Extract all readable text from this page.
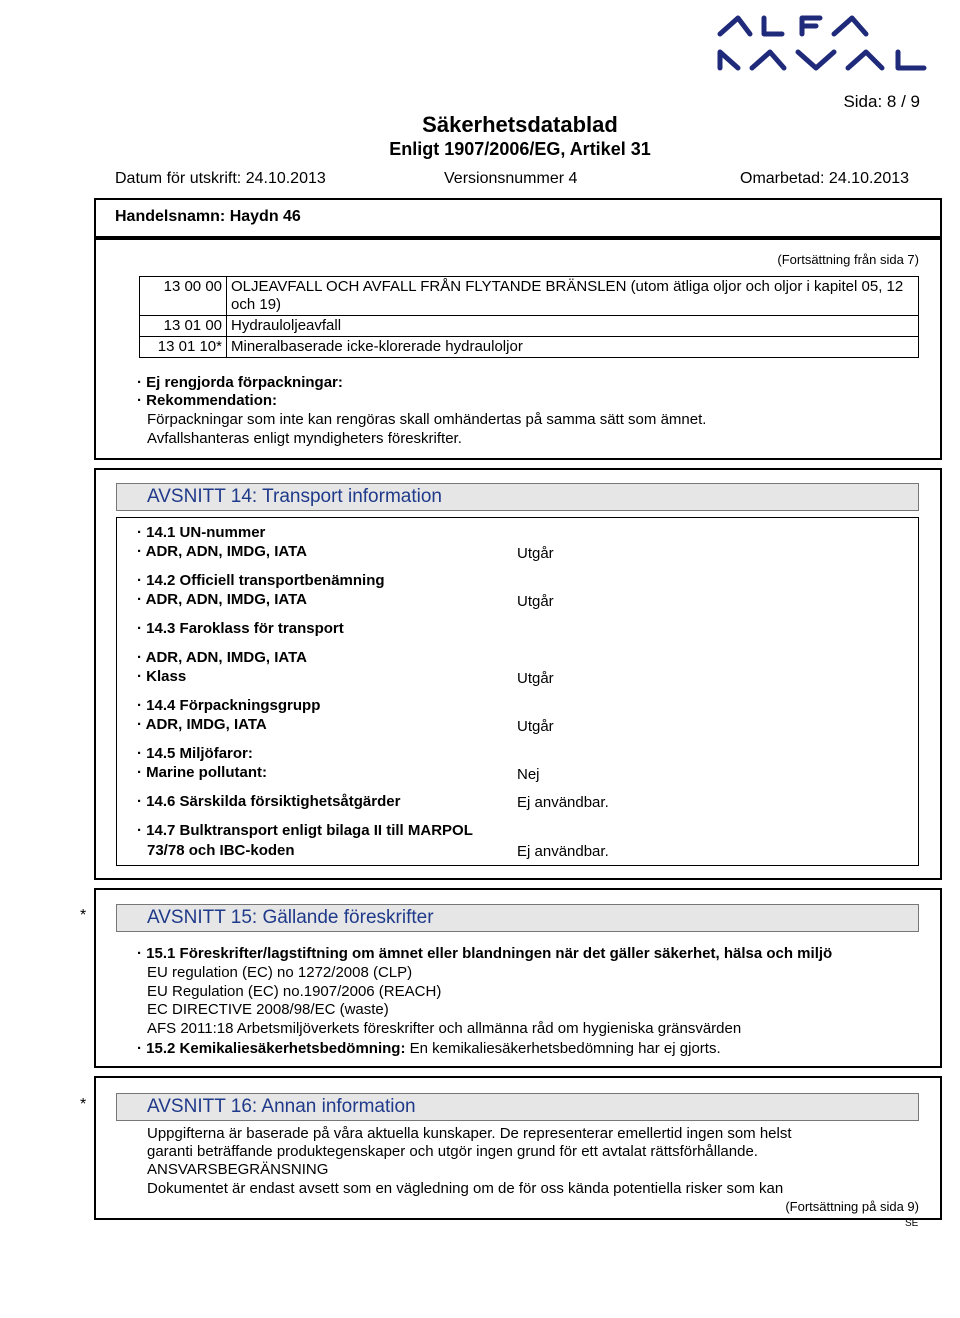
Sida: 8 / 9
Säkerhetsdatablad
Enligt 1907/2006/EG, Artikel 31
Datum för utskrift: 24.10.2013	Versionsnummer 4	Omarbetad: 24.10.2013
Handelsnamn: Haydn 46
(Fortsättning från sida 7)
13 00 00	OLJEAVFALL OCH AVFALL FRÅN FLYTANDE BRÄNSLEN (utom ätliga oljor och oljor i kapitel 05, 12 och 19)
13 01 00	Hydrauloljeavfall
13 01 10*	Mineralbaserade icke-klorerade hydrauloljor
· Ej rengjorda förpackningar:
· Rekommendation:
Förpackningar som inte kan rengöras skall omhändertas på samma sätt som ämnet.
Avfallshanteras enligt myndigheters föreskrifter.
AVSNITT 14: Transport information
· 14.1 UN-nummer
· ADR, ADN, IMDG, IATA	Utgår
· 14.2 Officiell transportbenämning
· ADR, ADN, IMDG, IATA	Utgår
· 14.3 Faroklass för transport
· ADR, ADN, IMDG, IATA
· Klass	Utgår
· 14.4 Förpackningsgrupp
· ADR, IMDG, IATA	Utgår
· 14.5 Miljöfaror:
· Marine pollutant:	Nej
· 14.6 Särskilda försiktighetsåtgärder	Ej användbar.
· 14.7 Bulktransport enligt bilaga II till MARPOL
73/78 och IBC-koden	Ej användbar.
*	AVSNITT 15: Gällande föreskrifter
· 15.1 Föreskrifter/lagstiftning om ämnet eller blandningen när det gäller säkerhet, hälsa och miljö
EU regulation (EC) no 1272/2008 (CLP)
EU Regulation (EC) no.1907/2006 (REACH)
EC DIRECTIVE 2008/98/EC (waste)
AFS 2011:18 Arbetsmiljöverkets föreskrifter och allmänna råd om hygieniska gränsvärden
· 15.2 Kemikaliesäkerhetsbedömning: En kemikaliesäkerhetsbedömning har ej gjorts.
*	AVSNITT 16: Annan information
Uppgifterna är baserade på våra aktuella kunskaper. De representerar emellertid ingen som helst
garanti beträffande produktegenskaper och utgör ingen grund för ett avtalat rättsförhållande.
ANSVARSBEGRÄNSNING
Dokumentet är endast avsett som en vägledning om de för oss kända potentiella risker som kan
(Fortsättning på sida 9)
SE
